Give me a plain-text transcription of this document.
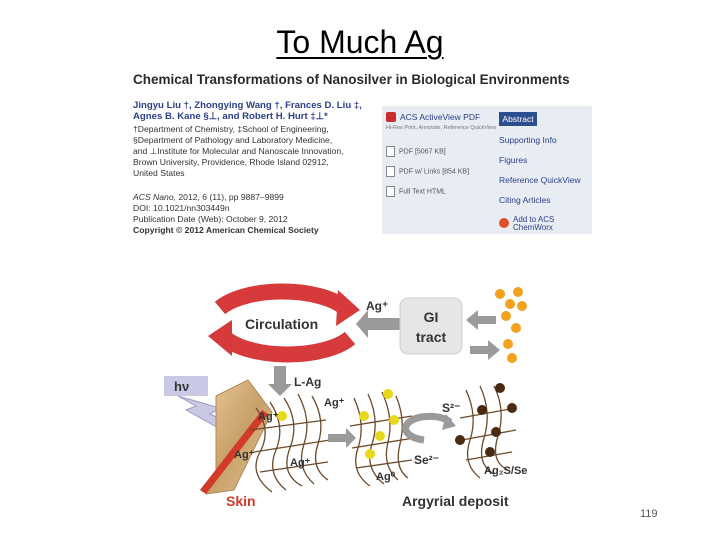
To Much Ag
Chemical Transformations of Nanosilver in Biological Environments
Jingyu Liu †, Zhongying Wang †, Frances D. Liu ‡,
Agnes B. Kane §⊥, and Robert H. Hurt ‡⊥*
†Department of Chemistry, ‡School of Engineering,
§Department of Pathology and Laboratory Medicine,
and ⊥Institute for Molecular and Nanoscale Innovation,
Brown University, Providence, Rhode Island 02912,
United States
ACS Nano, 2012, 6 (11), pp 9887–9899
DOI: 10.1021/nn303449n
Publication Date (Web): October 9, 2012
Copyright © 2012 American Chemical Society
ACS ActiveView PDF
Hi-Res Print, Annotate, Reference QuickView
PDF [5067 KB]
PDF w/ Links [854 KB]
Full Text HTML
Abstract
Supporting Info
Figures
Reference QuickView
Citing Articles
Add to ACS
ChemWorx
Circulation
Ag⁺
GI
tract
L-Ag
hν
Ag⁺
Ag⁺
Ag⁺
Ag⁺
Ag⁰
S²⁻
Se²⁻
Ag₂S/Se
Skin	Argyrial deposit
119
